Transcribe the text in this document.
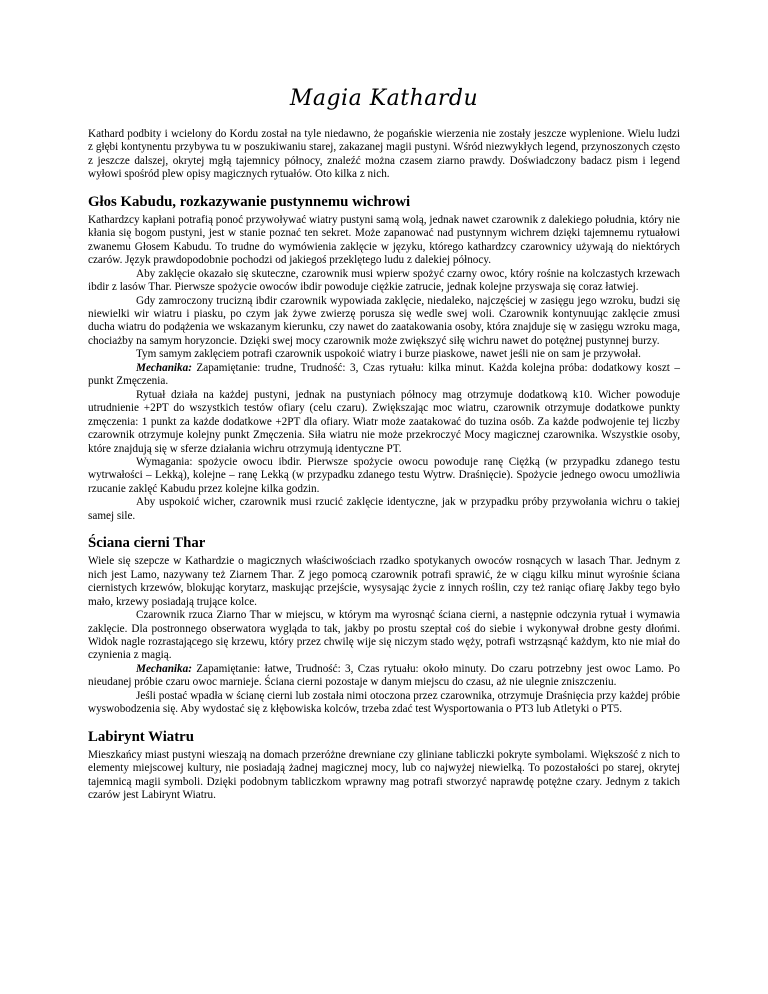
Magia Kathardu

Kathard podbity i wcielony do Kordu został na tyle niedawno, że pogańskie wierzenia nie zostały jeszcze wyplenione. Wielu ludzi z głębi kontynentu przybywa tu w poszukiwaniu starej, zakazanej magii pustyni. Wśród niezwykłych legend, przynoszonych często z jeszcze dalszej, okrytej mgłą tajemnicy północy, znaleźć można czasem ziarno prawdy. Doświadczony badacz pism i legend wyłowi spośród plew opisy magicznych rytuałów. Oto kilka z nich.

Głos Kabudu, rozkazywanie pustynnemu wichrowi

Kathardzcy kapłani potrafią ponoć przywoływać wiatry pustyni samą wolą, jednak nawet czarownik z dalekiego południa, który nie kłania się bogom pustyni, jest w stanie poznać ten sekret. Może zapanować nad pustynnym wichrem dzięki tajemnemu rytuałowi zwanemu Głosem Kabudu. To trudne do wymówienia zaklęcie w języku, którego kathardzcy czarownicy używają do niektórych czarów. Język prawdopodobnie pochodzi od jakiegoś przeklętego ludu z dalekiej północy.

Aby zaklęcie okazało się skuteczne, czarownik musi wpierw spożyć czarny owoc, który rośnie na kolczastych krzewach ibdir z lasów Thar. Pierwsze spożycie owoców ibdir powoduje ciężkie zatrucie, jednak kolejne przyswaja się coraz łatwiej.

Gdy zamroczony trucizną ibdir czarownik wypowiada zaklęcie, niedaleko, najczęściej w zasięgu jego wzroku, budzi się niewielki wir wiatru i piasku, po czym jak żywe zwierzę porusza się wedle swej woli. Czarownik kontynuując zaklęcie zmusi ducha wiatru do podążenia we wskazanym kierunku, czy nawet do zaatakowania osoby, która znajduje się w zasięgu wzroku maga, chociażby na samym horyzoncie. Dzięki swej mocy czarownik może zwiększyć siłę wichru nawet do potężnej pustynnej burzy.

Tym samym zaklęciem potrafi czarownik uspokoić wiatry i burze piaskowe, nawet jeśli nie on sam je przywołał.

Mechanika: Zapamiętanie: trudne, Trudność: 3, Czas rytuału: kilka minut. Każda kolejna próba: dodatkowy koszt – punkt Zmęczenia.

Rytuał działa na każdej pustyni, jednak na pustyniach północy mag otrzymuje dodatkową k10. Wicher powoduje utrudnienie +2PT do wszystkich testów ofiary (celu czaru). Zwiększając moc wiatru, czarownik otrzymuje dodatkowe punkty zmęczenia: 1 punkt za każde dodatkowe +2PT dla ofiary. Wiatr może zaatakować do tuzina osób. Za każde podwojenie tej liczby czarownik otrzymuje kolejny punkt Zmęczenia. Siła wiatru nie może przekroczyć Mocy magicznej czarownika. Wszystkie osoby, które znajdują się w sferze działania wichru otrzymują identyczne PT.

Wymagania: spożycie owocu ibdir. Pierwsze spożycie owocu powoduje ranę Ciężką (w przypadku zdanego testu wytrwałości – Lekką), kolejne – ranę Lekką (w przypadku zdanego testu Wytrw. Draśnięcie). Spożycie jednego owocu umożliwia rzucanie zaklęć Kabudu przez kolejne kilka godzin.

Aby uspokoić wicher, czarownik musi rzucić zaklęcie identyczne, jak w przypadku próby przywołania wichru o takiej samej sile.

Ściana cierni Thar

Wiele się szepcze w Kathardzie o magicznych właściwościach rzadko spotykanych owoców rosnących w lasach Thar. Jednym z nich jest Lamo, nazywany też Ziarnem Thar. Z jego pomocą czarownik potrafi sprawić, że w ciągu kilku minut wyrośnie ściana ciernistych krzewów, blokując korytarz, maskując przejście, wysysając życie z innych roślin, czy też raniąc ofiarę Jakby tego było mało, krzewy posiadają trujące kolce.

Czarownik rzuca Ziarno Thar w miejscu, w którym ma wyrosnąć ściana cierni, a następnie odczynia rytuał i wymawia zaklęcie. Dla postronnego obserwatora wygląda to tak, jakby po prostu szeptał coś do siebie i wykonywał drobne gesty dłońmi. Widok nagle rozrastającego się krzewu, który przez chwilę wije się niczym stado węży, potrafi wstrząsnąć każdym, kto nie miał do czynienia z magią.

Mechanika: Zapamiętanie: łatwe, Trudność: 3, Czas rytuału: około minuty. Do czaru potrzebny jest owoc Lamo. Po nieudanej próbie czaru owoc marnieje. Ściana cierni pozostaje w danym miejscu do czasu, aż nie ulegnie zniszczeniu.

Jeśli postać wpadła w ścianę cierni lub została nimi otoczona przez czarownika, otrzymuje Draśnięcia przy każdej próbie wyswobodzenia się. Aby wydostać się z kłębowiska kolców, trzeba zdać test Wysportowania o PT3 lub Atletyki o PT5.

Labirynt Wiatru

Mieszkańcy miast pustyni wieszają na domach przeróżne drewniane czy gliniane tabliczki pokryte symbolami. Większość z nich to elementy miejscowej kultury, nie posiadają żadnej magicznej mocy, lub co najwyżej niewielką. To pozostałości po starej, okrytej tajemnicą magii symboli. Dzięki podobnym tabliczkom wprawny mag potrafi stworzyć naprawdę potężne czary. Jednym z takich czarów jest Labirynt Wiatru.
